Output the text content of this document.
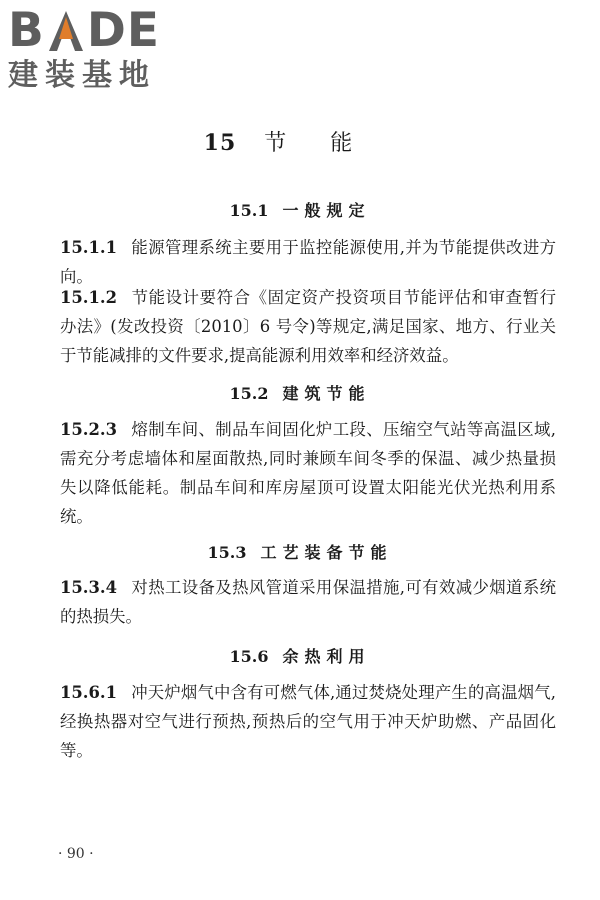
B DE
建装基地
15 节能
15.1 一般规定

15.1.1 能源管理系统主要用于监控能源使用,并为节能提供改进方向。

15.1.2 节能设计要符合《固定资产投资项目节能评估和审查暂行办法》(发改投资〔2010〕6 号令)等规定,满足国家、地方、行业关于节能减排的文件要求,提高能源利用效率和经济效益。

15.2 建筑节能

15.2.3 熔制车间、制品车间固化炉工段、压缩空气站等高温区域,需充分考虑墙体和屋面散热,同时兼顾车间冬季的保温、减少热量损失以降低能耗。制品车间和库房屋顶可设置太阳能光伏光热利用系统。

15.3 工艺装备节能

15.3.4 对热工设备及热风管道采用保温措施,可有效减少烟道系统的热损失。

15.6 余热利用

15.6.1 冲天炉烟气中含有可燃气体,通过焚烧处理产生的高温烟气,经换热器对空气进行预热,预热后的空气用于冲天炉助燃、产品固化等。

· 90 ·
